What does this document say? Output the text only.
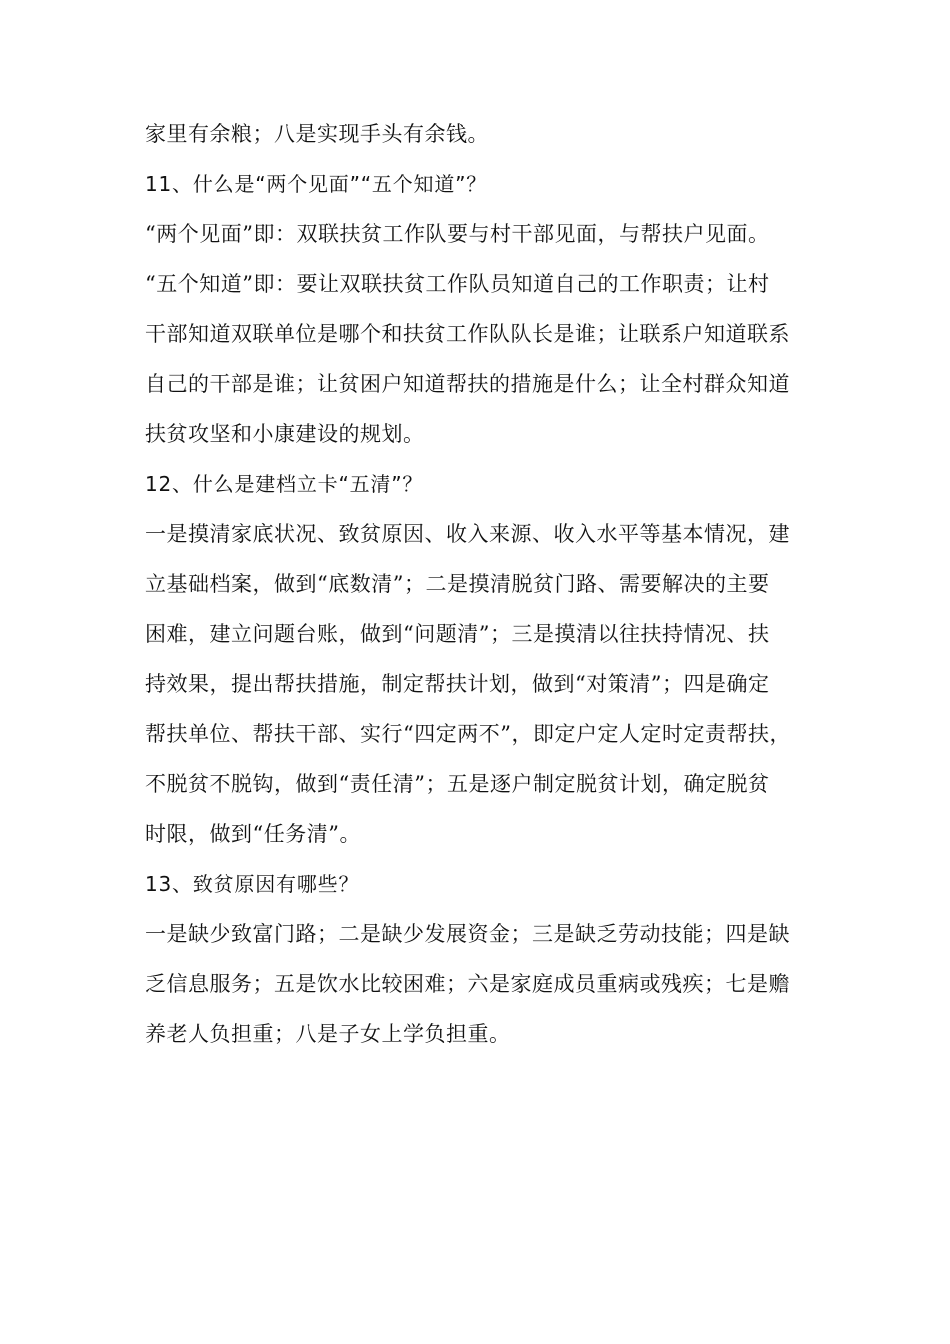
家里有余粮；八是实现手头有余钱。
11、什么是“两个见面”“五个知道”？
“两个见面”即：双联扶贫工作队要与村干部见面，与帮扶户见面。
“五个知道”即：要让双联扶贫工作队员知道自己的工作职责；让村
干部知道双联单位是哪个和扶贫工作队队长是谁；让联系户知道联系
自己的干部是谁；让贫困户知道帮扶的措施是什么；让全村群众知道
扶贫攻坚和小康建设的规划。
12、什么是建档立卡“五清”？
一是摸清家底状况、致贫原因、收入来源、收入水平等基本情况，建
立基础档案，做到“底数清”；二是摸清脱贫门路、需要解决的主要
困难，建立问题台账，做到“问题清”；三是摸清以往扶持情况、扶
持效果，提出帮扶措施，制定帮扶计划，做到“对策清”；四是确定
帮扶单位、帮扶干部、实行“四定两不”，即定户定人定时定责帮扶，
不脱贫不脱钩，做到“责任清”；五是逐户制定脱贫计划，确定脱贫
时限，做到“任务清”。
13、致贫原因有哪些？
一是缺少致富门路；二是缺少发展资金；三是缺乏劳动技能；四是缺
乏信息服务；五是饮水比较困难；六是家庭成员重病或残疾；七是赡
养老人负担重；八是子女上学负担重。
